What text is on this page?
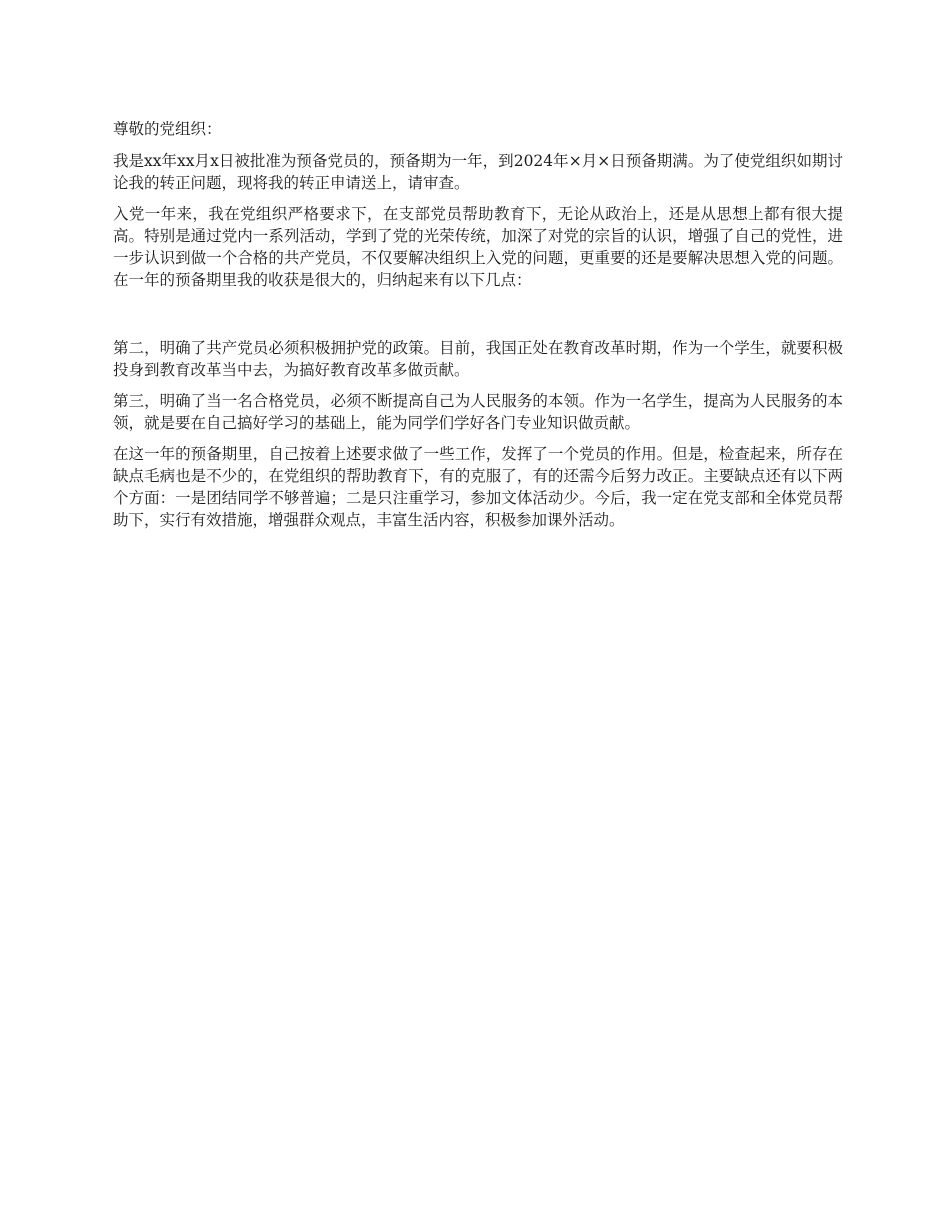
尊敬的党组织：

我是xx年xx月x日被批准为预备党员的，预备期为一年，到2024年×月×日预备期满。为了使党组织如期讨论我的转正问题，现将我的转正申请送上，请审查。

入党一年来，我在党组织严格要求下，在支部党员帮助教育下，无论从政治上，还是从思想上都有很大提高。特别是通过党内一系列活动，学到了党的光荣传统，加深了对党的宗旨的认识，增强了自己的党性，进一步认识到做一个合格的共产党员，不仅要解决组织上入党的问题，更重要的还是要解决思想入党的问题。在一年的预备期里我的收获是很大的，归纳起来有以下几点：

第二，明确了共产党员必须积极拥护党的政策。目前，我国正处在教育改革时期，作为一个学生，就要积极投身到教育改革当中去，为搞好教育改革多做贡献。

第三，明确了当一名合格党员，必须不断提高自己为人民服务的本领。作为一名学生，提高为人民服务的本领，就是要在自己搞好学习的基础上，能为同学们学好各门专业知识做贡献。

在这一年的预备期里，自己按着上述要求做了一些工作，发挥了一个党员的作用。但是，检查起来，所存在缺点毛病也是不少的，在党组织的帮助教育下，有的克服了，有的还需今后努力改正。主要缺点还有以下两个方面：一是团结同学不够普遍；二是只注重学习，参加文体活动少。今后，我一定在党支部和全体党员帮助下，实行有效措施，增强群众观点，丰富生活内容，积极参加课外活动。
